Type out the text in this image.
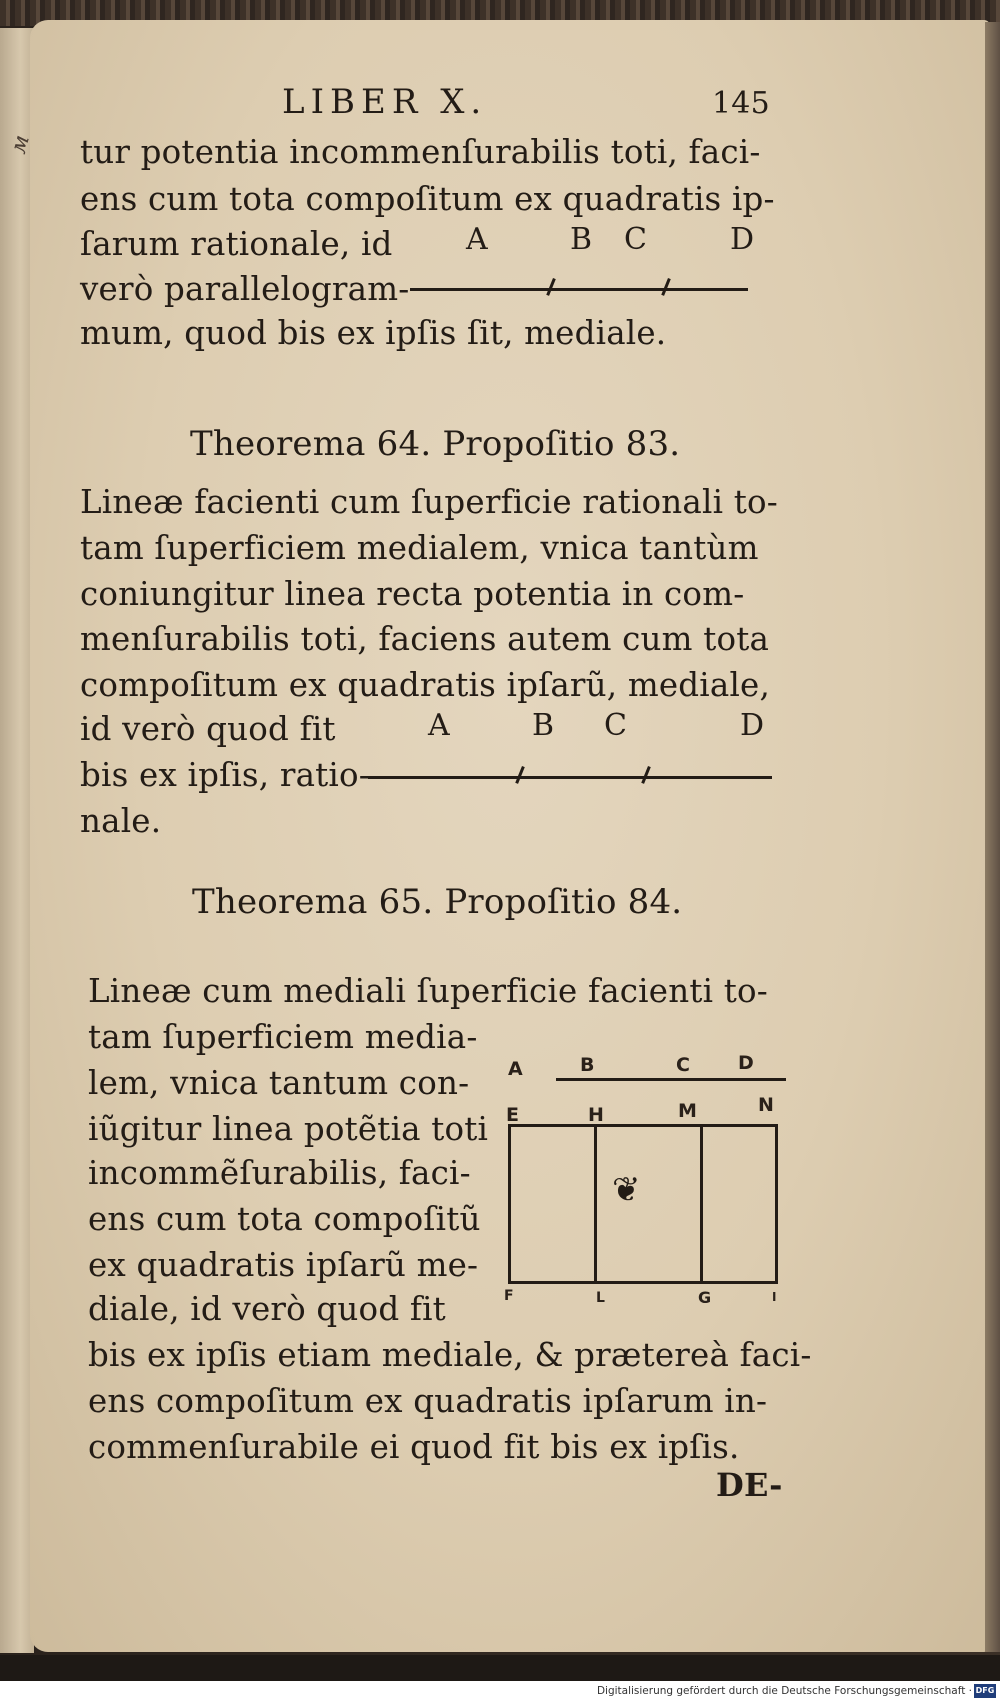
м
LIBER X.	145
tur potentia incommenſurabilis toti, faci-
ens cum tota compoſitum ex quadratis ip-
ſarum rationale, id A	B C	D
verò parallelogram-
mum, quod bis ex ipſis ſit, mediale.
Theorema 64. Propoſitio 83.
Lineæ facienti cum ſuperficie rationali to-
tam ſuperficiem medialem, vnica tantùm
coniungitur linea recta potentia in com-
menſurabilis toti, faciens autem cum tota
compoſitum ex quadratis ipſarũ, mediale,
id verò quod fit	A	B C	D
bis ex ipſis, ratio-
nale.
Theorema 65. Propoſitio 84.
Lineæ cum mediali ſuperficie facienti to-
tam ſuperficiem media-
lem, vnica tantum con-
iũgitur linea potẽtia toti
incommẽſurabilis, faci-
ens cum tota compoſitũ
ex quadratis ipſarũ me-
diale, id verò quod fit
bis ex ipſis etiam mediale, & prætereà faci-
ens compoſitum ex quadratis ipſarum in-
commenſurabile ei quod fit bis ex ipſis.
A	B	C	D
E	H	M	N
❦
F	L	G	I
DE-
Digitalisierung gefördert durch die Deutsche Forschungsgemeinschaft · DFG
